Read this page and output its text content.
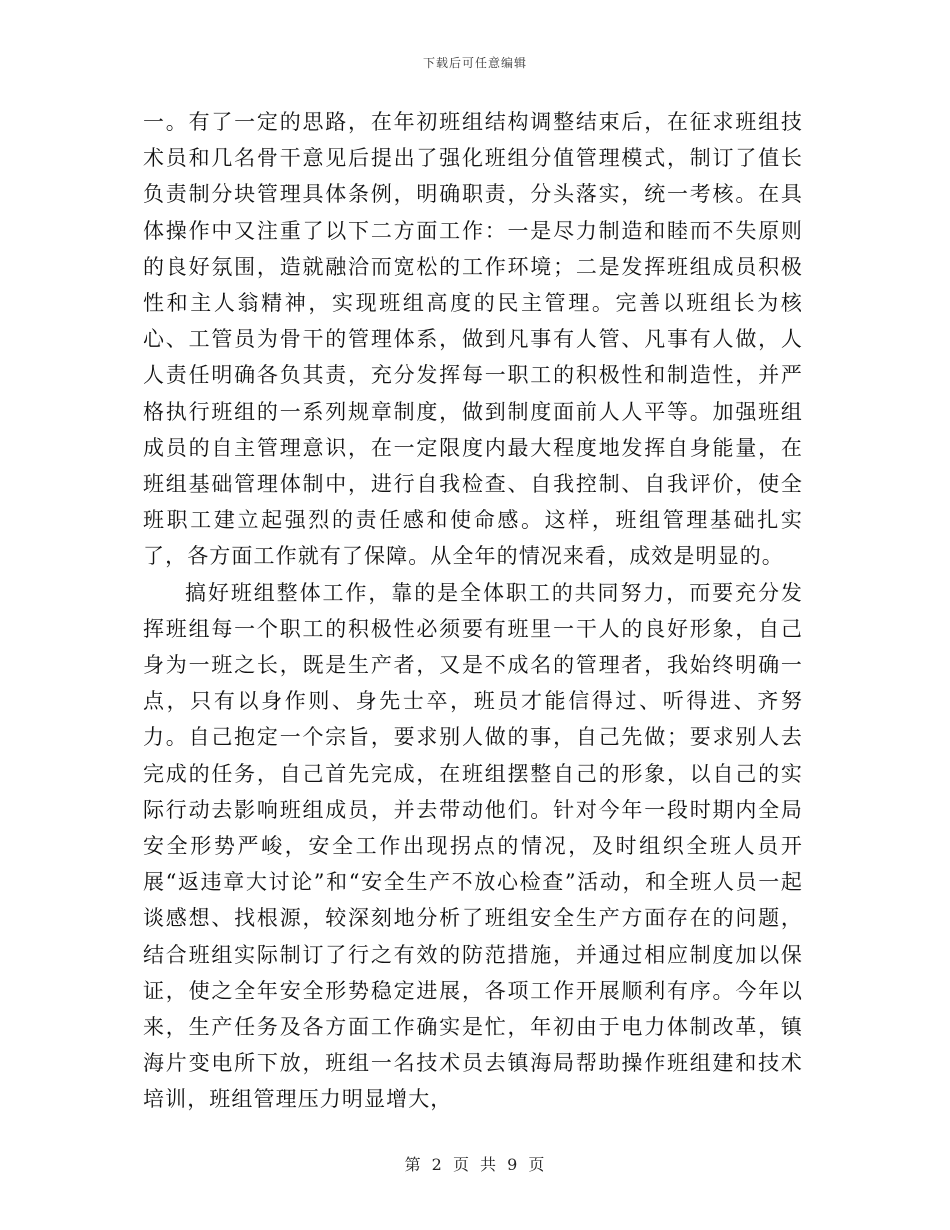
下载后可任意编辑

一。有了一定的思路，在年初班组结构调整结束后，在征求班组技术员和几名骨干意见后提出了强化班组分值管理模式，制订了值长负责制分块管理具体条例，明确职责，分头落实，统一考核。在具体操作中又注重了以下二方面工作：一是尽力制造和睦而不失原则的良好氛围，造就融洽而宽松的工作环境；二是发挥班组成员积极性和主人翁精神，实现班组高度的民主管理。完善以班组长为核心、工管员为骨干的管理体系，做到凡事有人管、凡事有人做，人人责任明确各负其责，充分发挥每一职工的积极性和制造性，并严格执行班组的一系列规章制度，做到制度面前人人平等。加强班组成员的自主管理意识，在一定限度内最大程度地发挥自身能量，在班组基础管理体制中，进行自我检查、自我控制、自我评价，使全班职工建立起强烈的责任感和使命感。这样，班组管理基础扎实了，各方面工作就有了保障。从全年的情况来看，成效是明显的。

搞好班组整体工作，靠的是全体职工的共同努力，而要充分发挥班组每一个职工的积极性必须要有班里一干人的良好形象，自己身为一班之长，既是生产者，又是不成名的管理者，我始终明确一点，只有以身作则、身先士卒，班员才能信得过、听得进、齐努力。自己抱定一个宗旨，要求别人做的事，自己先做；要求别人去完成的任务，自己首先完成，在班组摆整自己的形象，以自己的实际行动去影响班组成员，并去带动他们。针对今年一段时期内全局安全形势严峻，安全工作出现拐点的情况，及时组织全班人员开展“返违章大讨论”和“安全生产不放心检查”活动，和全班人员一起谈感想、找根源，较深刻地分析了班组安全生产方面存在的问题，结合班组实际制订了行之有效的防范措施，并通过相应制度加以保证，使之全年安全形势稳定进展，各项工作开展顺利有序。今年以来，生产任务及各方面工作确实是忙，年初由于电力体制改革，镇海片变电所下放，班组一名技术员去镇海局帮助操作班组建和技术培训，班组管理压力明显增大，

第 2 页 共 9 页
